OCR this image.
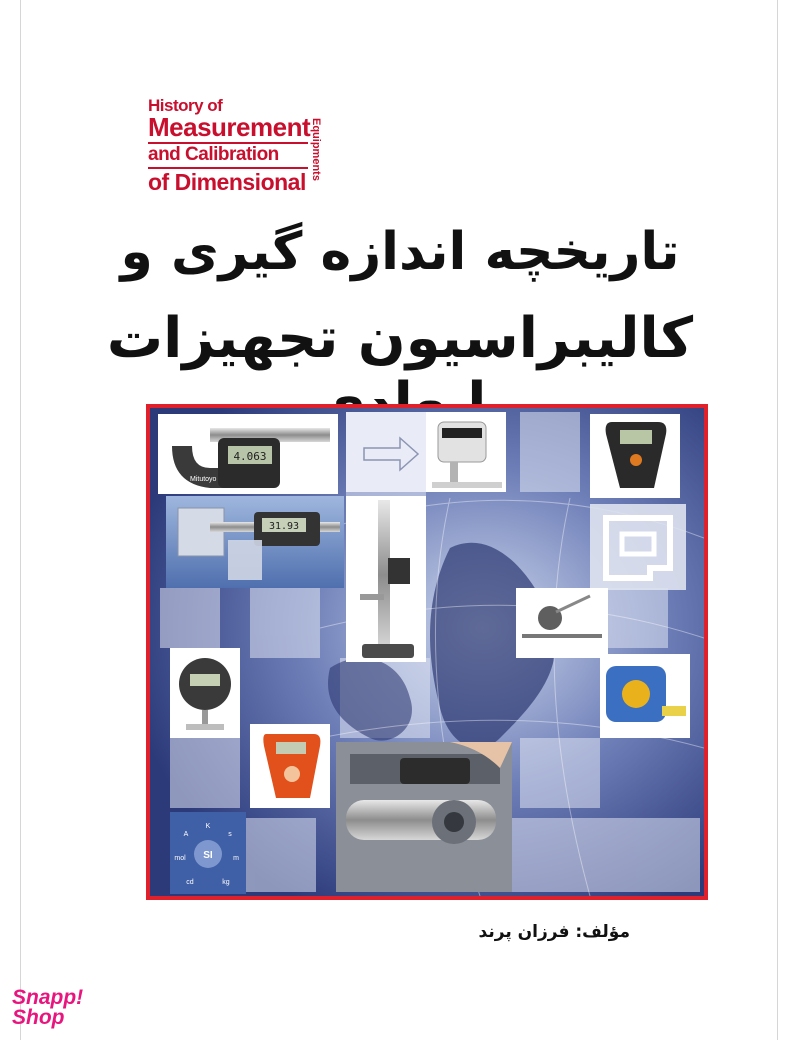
History of
Measurement
and Calibration
of Dimensional
Equipments
تاریخچه اندازه گیری و
کالیبراسیون تجهیزات
4.063
Mitutoyo
31.93
SI
K
A	s
mol	m
cd	kg
مؤلف: فرزان پرند
Snapp!
Shop
